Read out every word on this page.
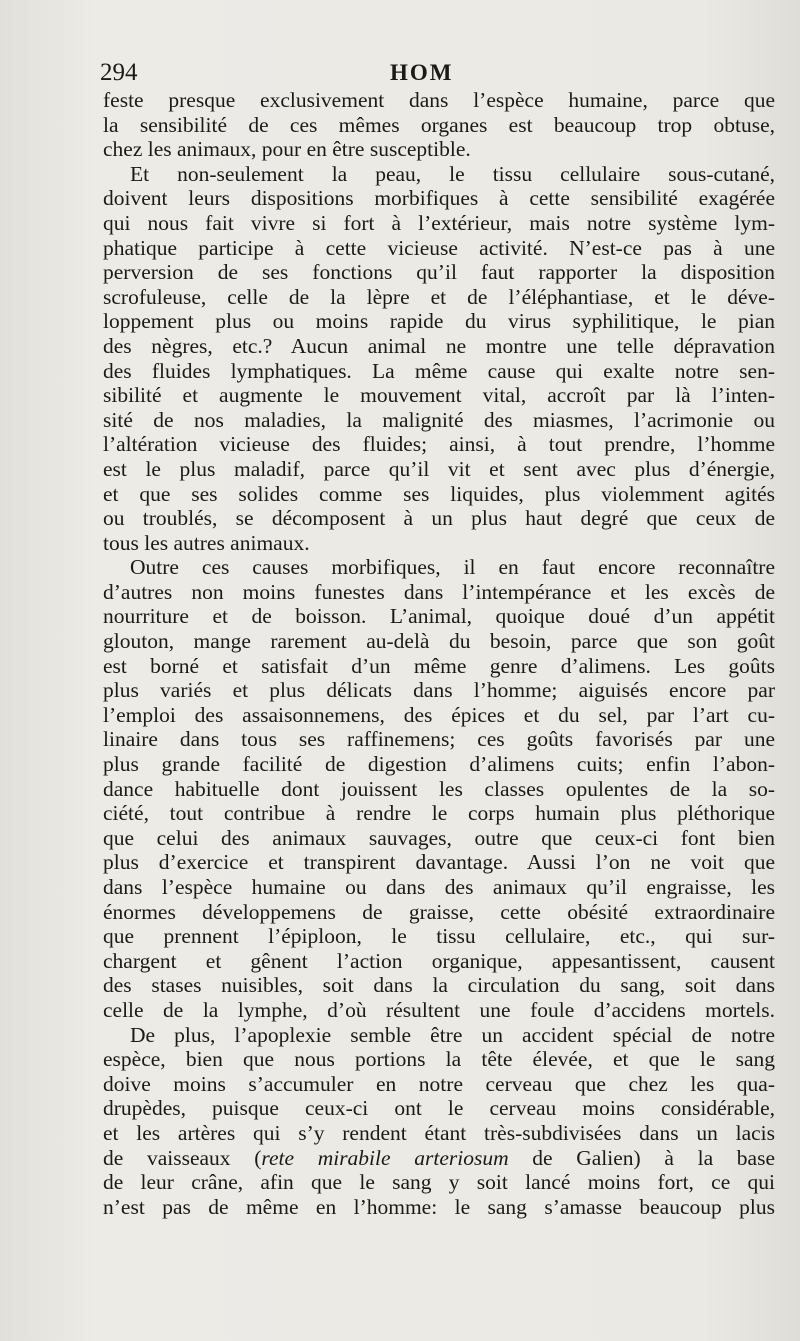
294	HOM
feste presque exclusivement dans l’espèce humaine, parce que
la sensibilité de ces mêmes organes est beaucoup trop obtuse,
chez les animaux, pour en être susceptible.
Et non-seulement la peau, le tissu cellulaire sous-cutané,
doivent leurs dispositions morbifiques à cette sensibilité exagérée
qui nous fait vivre si fort à l’extérieur, mais notre système lym-
phatique participe à cette vicieuse activité. N’est-ce pas à une
perversion de ses fonctions qu’il faut rapporter la disposition
scrofuleuse, celle de la lèpre et de l’éléphantiase, et le déve-
loppement plus ou moins rapide du virus syphilitique, le pian
des nègres, etc.? Aucun animal ne montre une telle dépravation
des fluides lymphatiques. La même cause qui exalte notre sen-
sibilité et augmente le mouvement vital, accroît par là l’inten-
sité de nos maladies, la malignité des miasmes, l’acrimonie ou
l’altération vicieuse des fluides; ainsi, à tout prendre, l’homme
est le plus maladif, parce qu’il vit et sent avec plus d’énergie,
et que ses solides comme ses liquides, plus violemment agités
ou troublés, se décomposent à un plus haut degré que ceux de
tous les autres animaux.
Outre ces causes morbifiques, il en faut encore reconnaître
d’autres non moins funestes dans l’intempérance et les excès de
nourriture et de boisson. L’animal, quoique doué d’un appétit
glouton, mange rarement au-delà du besoin, parce que son goût
est borné et satisfait d’un même genre d’alimens. Les goûts
plus variés et plus délicats dans l’homme; aiguisés encore par
l’emploi des assaisonnemens, des épices et du sel, par l’art cu-
linaire dans tous ses raffinemens; ces goûts favorisés par une
plus grande facilité de digestion d’alimens cuits; enfin l’abon-
dance habituelle dont jouissent les classes opulentes de la so-
ciété, tout contribue à rendre le corps humain plus pléthorique
que celui des animaux sauvages, outre que ceux-ci font bien
plus d’exercice et transpirent davantage. Aussi l’on ne voit que
dans l’espèce humaine ou dans des animaux qu’il engraisse, les
énormes développemens de graisse, cette obésité extraordinaire
que prennent l’épiploon, le tissu cellulaire, etc., qui sur-
chargent et gênent l’action organique, appesantissent, causent
des stases nuisibles, soit dans la circulation du sang, soit dans
celle de la lymphe, d’où résultent une foule d’accidens mortels.
De plus, l’apoplexie semble être un accident spécial de notre
espèce, bien que nous portions la tête élevée, et que le sang
doive moins s’accumuler en notre cerveau que chez les qua-
drupèdes, puisque ceux-ci ont le cerveau moins considérable,
et les artères qui s’y rendent étant très-subdivisées dans un lacis
de vaisseaux (rete mirabile arteriosum de Galien) à la base
de leur crâne, afin que le sang y soit lancé moins fort, ce qui
n’est pas de même en l’homme: le sang s’amasse beaucoup plus
